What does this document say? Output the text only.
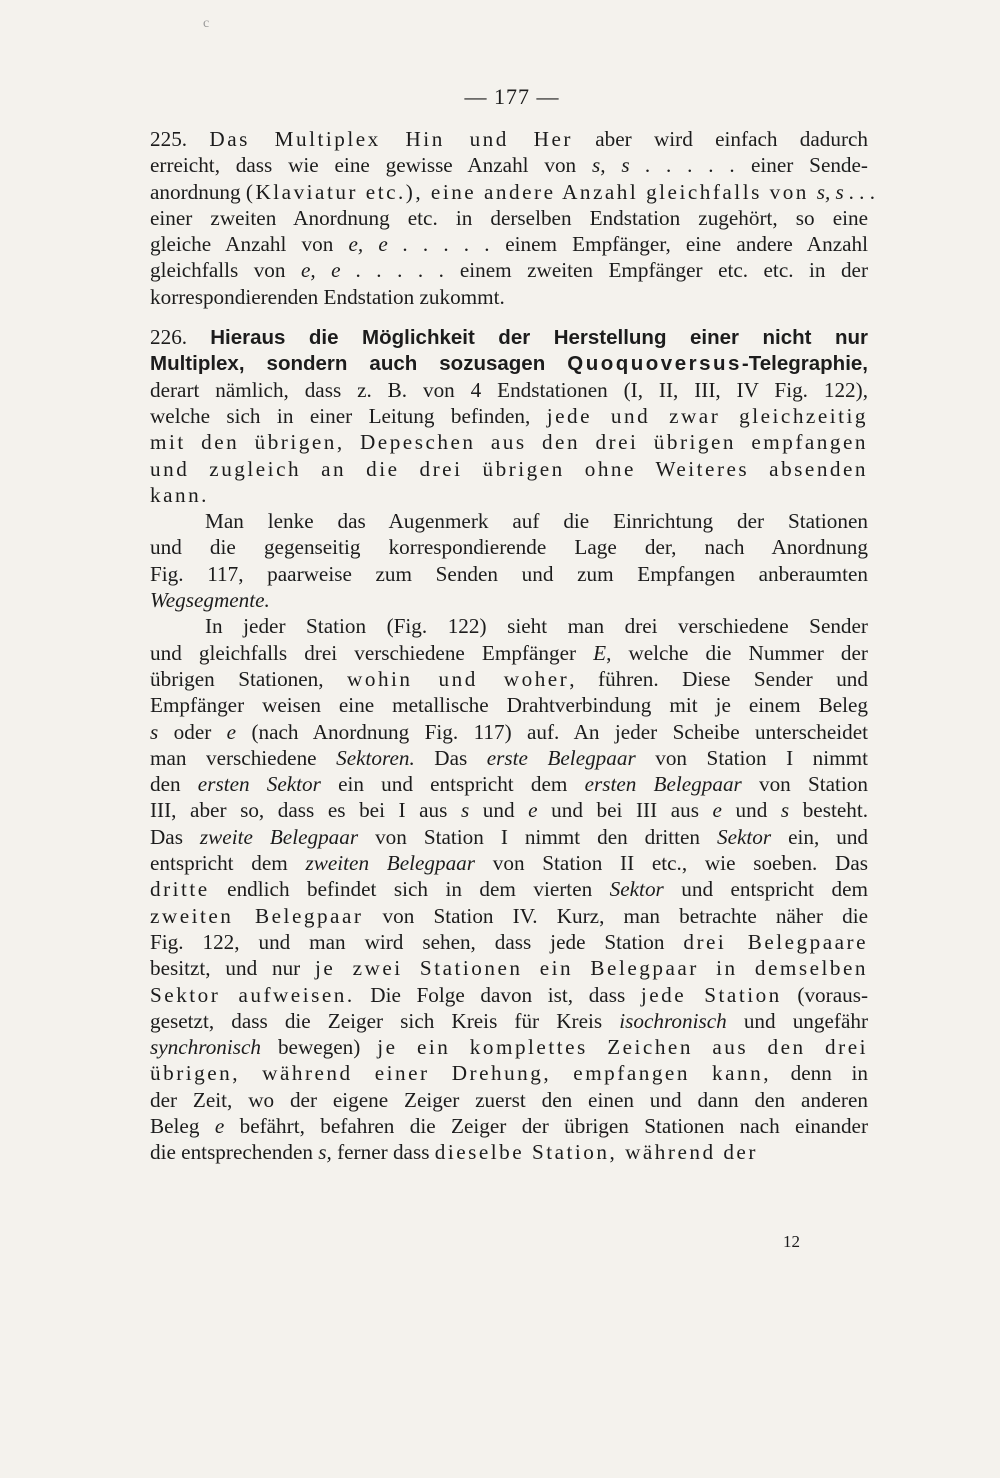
c
— 177 —
225. Das Multiplex Hin und Her aber wird einfach dadurch
erreicht, dass wie eine gewisse Anzahl von s, s . . . . . einer Sende-
anordnung (Klaviatur etc.), eine andere Anzahl gleichfalls von s, s . . .
einer zweiten Anordnung etc. in derselben Endstation zugehört, so eine
gleiche Anzahl von e, e . . . . . einem Empfänger, eine andere Anzahl
gleichfalls von e, e . . . . . einem zweiten Empfänger etc. etc. in der
korrespondierenden Endstation zukommt.
226. Hieraus die Möglichkeit der Herstellung einer nicht nur
Multiplex, sondern auch sozusagen Quoquoversus-Telegraphie,
derart nämlich, dass z. B. von 4 Endstationen (I, II, III, IV Fig. 122),
welche sich in einer Leitung befinden, jede und zwar gleichzeitig
mit den übrigen, Depeschen aus den drei übrigen empfangen
und zugleich an die drei übrigen ohne Weiteres absenden
kann.
Man lenke das Augenmerk auf die Einrichtung der Stationen
und die gegenseitig korrespondierende Lage der, nach Anordnung
Fig. 117, paarweise zum Senden und zum Empfangen anberaumten
Wegsegmente.
In jeder Station (Fig. 122) sieht man drei verschiedene Sender
und gleichfalls drei verschiedene Empfänger E, welche die Nummer der
übrigen Stationen, wohin und woher, führen. Diese Sender und
Empfänger weisen eine metallische Drahtverbindung mit je einem Beleg
s oder e (nach Anordnung Fig. 117) auf. An jeder Scheibe unterscheidet
man verschiedene Sektoren. Das erste Belegpaar von Station I nimmt
den ersten Sektor ein und entspricht dem ersten Belegpaar von Station
III, aber so, dass es bei I aus s und e und bei III aus e und s besteht.
Das zweite Belegpaar von Station I nimmt den dritten Sektor ein, und
entspricht dem zweiten Belegpaar von Station II etc., wie soeben. Das
dritte endlich befindet sich in dem vierten Sektor und entspricht dem
zweiten Belegpaar von Station IV. Kurz, man betrachte näher die
Fig. 122, und man wird sehen, dass jede Station drei Belegpaare
besitzt, und nur je zwei Stationen ein Belegpaar in demselben
Sektor aufweisen. Die Folge davon ist, dass jede Station (voraus-
gesetzt, dass die Zeiger sich Kreis für Kreis isochronisch und ungefähr
synchronisch bewegen) je ein komplettes Zeichen aus den drei
übrigen, während einer Drehung, empfangen kann, denn in
der Zeit, wo der eigene Zeiger zuerst den einen und dann den anderen
Beleg e befährt, befahren die Zeiger der übrigen Stationen nach einander
die entsprechenden s, ferner dass dieselbe Station, während der
12
